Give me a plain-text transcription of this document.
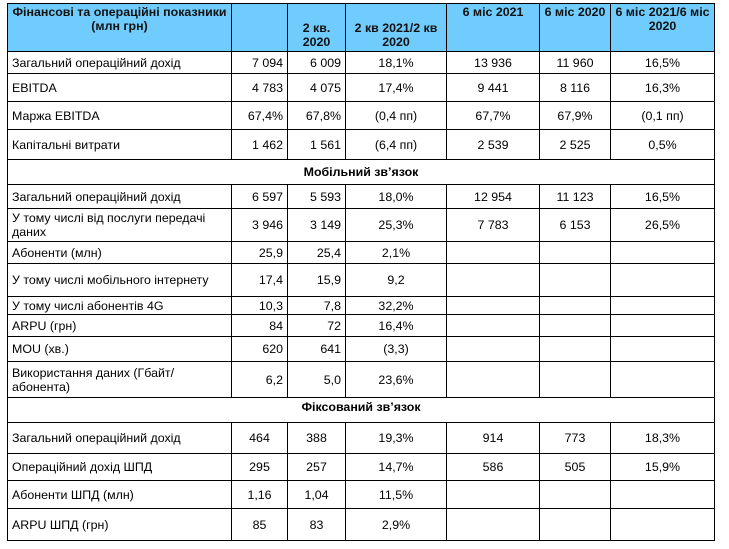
Фінансові та операційні показники (млн грн)		2 кв. 2020	2 кв 2021/2 кв 2020	6 міс 2021	6 міс 2020	6 міс 2021/6 міс 2020
Загальний операційний дохід	7 094	6 009	18,1%	13 936	11 960	16,5%
EBITDA	4 783	4 075	17,4%	9 441	8 116	16,3%
Маржа EBITDA	67,4%	67,8%	(0,4 пп)	67,7%	67,9%	(0,1 пп)
Капітальні витрати	1 462	1 561	(6,4 пп)	2 539	2 525	0,5%
Мобільний зв’язок						
Загальний операційний дохід	6 597	5 593	18,0%	12 954	11 123	16,5%
У тому числі від послуги передачі даних	3 946	3 149	25,3%	7 783	6 153	26,5%
Абоненти (млн)	25,9	25,4	2,1%			
У тому числі мобільного інтернету	17,4	15,9	9,2			
У тому числі абонентів 4G	10,3	7,8	32,2%			
ARPU (грн)	84	72	16,4%			
MOU (хв.)	620	641	(3,3)			
Використання даних (Гбайт/абонента)	6,2	5,0	23,6%			
Фіксований зв’язок						
Загальний операційний дохід	464	388	19,3%	914	773	18,3%
Операційний дохід ШПД	295	257	14,7%	586	505	15,9%
Абоненти ШПД (млн)	1,16	1,04	11,5%			
ARPU ШПД (грн)	85	83	2,9%			
